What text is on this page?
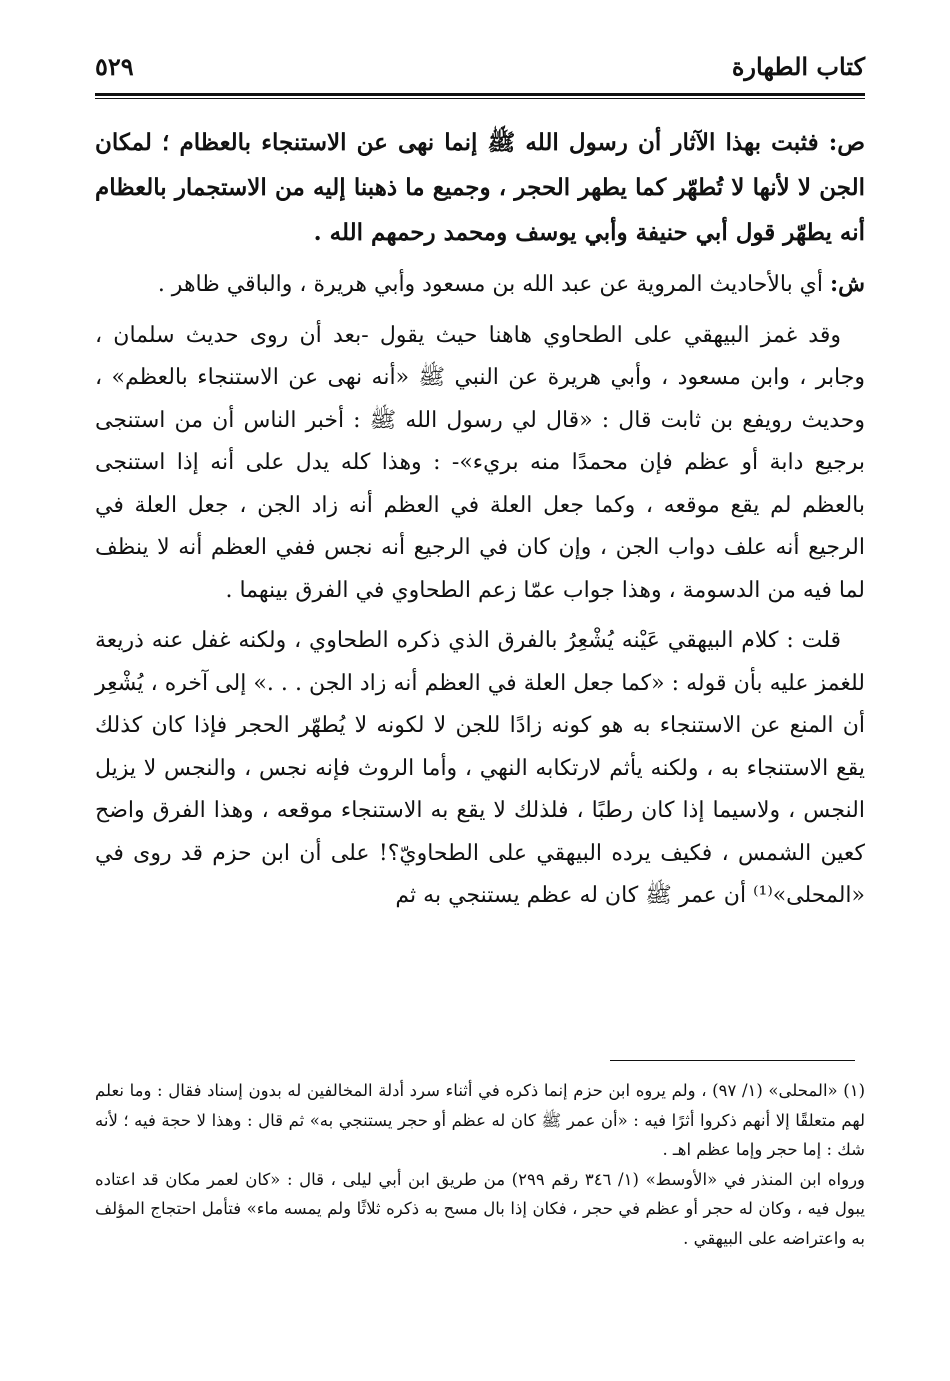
كتاب الطهارة
٥٢٩

ص: فثبت بهذا الآثار أن رسول الله ﷺ إنما نهى عن الاستنجاء بالعظام ؛ لمكان الجن لا لأنها لا تُطهّر كما يطهر الحجر ، وجميع ما ذهبنا إليه من الاستجمار بالعظام أنه يطهّر قول أبي حنيفة وأبي يوسف ومحمد رحمهم الله .

ش: أي بالأحاديث المروية عن عبد الله بن مسعود وأبي هريرة ، والباقي ظاهر .

وقد غمز البيهقي على الطحاوي هاهنا حيث يقول -بعد أن روى حديث سلمان ، وجابر ، وابن مسعود ، وأبي هريرة عن النبي ﷺ «أنه نهى عن الاستنجاء بالعظم» ، وحديث رويفع بن ثابت قال : «قال لي رسول الله ﷺ : أخبر الناس أن من استنجى برجيع دابة أو عظم فإن محمدًا منه بريء»- : وهذا كله يدل على أنه إذا استنجى بالعظم لم يقع موقعه ، وكما جعل العلة في العظم أنه زاد الجن ، جعل العلة في الرجيع أنه علف دواب الجن ، وإن كان في الرجيع أنه نجس ففي العظم أنه لا ينظف لما فيه من الدسومة ، وهذا جواب عمّا زعم الطحاوي في الفرق بينهما .

قلت : كلام البيهقي عَيْنه يُشْعِرُ بالفرق الذي ذكره الطحاوي ، ولكنه غفل عنه ذريعة للغمز عليه بأن قوله : «كما جعل العلة في العظم أنه زاد الجن . . .» إلى آخره ، يُشْعِر أن المنع عن الاستنجاء به هو كونه زادًا للجن لا لكونه لا يُطهّر الحجر فإذا كان كذلك يقع الاستنجاء به ، ولكنه يأثم لارتكابه النهي ، وأما الروث فإنه نجس ، والنجس لا يزيل النجس ، ولاسيما إذا كان رطبًا ، فلذلك لا يقع به الاستنجاء موقعه ، وهذا الفرق واضح كعين الشمس ، فكيف يرده البيهقي على الطحاويّ؟! على أن ابن حزم قد روى في «المحلى»⁽¹⁾ أن عمر ﷺ كان له عظم يستنجي به ثم

(١) «المحلى» (١/ ٩٧) ، ولم يروه ابن حزم إنما ذكره في أثناء سرد أدلة المخالفين له بدون إسناد فقال : وما نعلم لهم متعلقًا إلا أنهم ذكروا أثرًا فيه : «أن عمر ﷺ كان له عظم أو حجر يستنجي به» ثم قال : وهذا لا حجة فيه ؛ لأنه شك : إما حجر وإما عظم اهـ .

ورواه ابن المنذر في «الأوسط» (١/ ٣٤٦ رقم ٢٩٩) من طريق ابن أبي ليلى ، قال : «كان لعمر مكان قد اعتاده يبول فيه ، وكان له حجر أو عظم في حجر ، فكان إذا بال مسح به ذكره ثلاثًا ولم يمسه ماء» فتأمل احتجاج المؤلف به واعتراضه على البيهقي .
